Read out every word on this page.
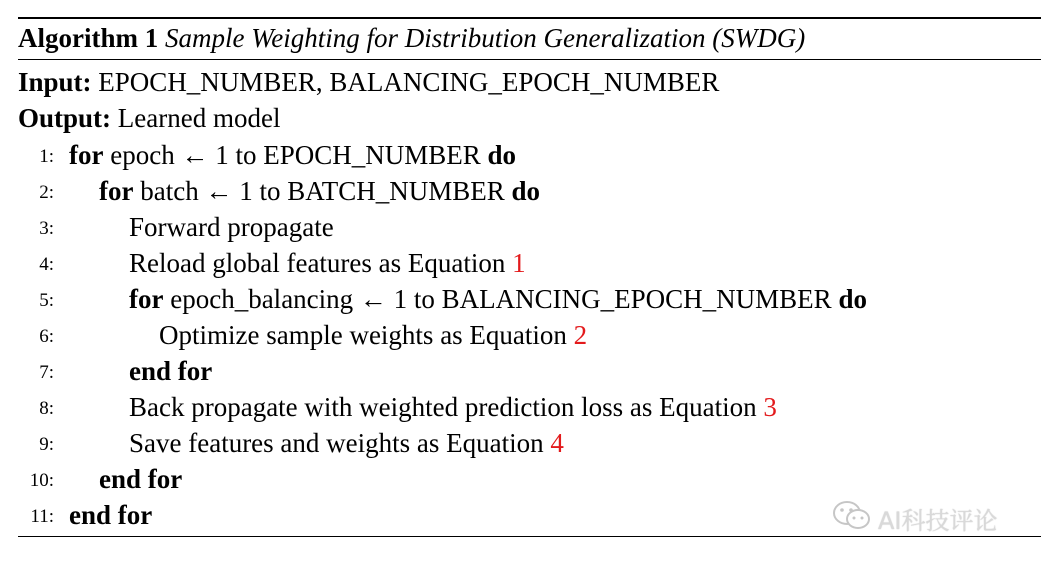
Algorithm 1 Sample Weighting for Distribution Generalization (SWDG)
Input: EPOCH_NUMBER, BALANCING_EPOCH_NUMBER
Output: Learned model
1: for epoch ← 1 to EPOCH_NUMBER do
2: for batch ← 1 to BATCH_NUMBER do
3:	Forward propagate
4:	Reload global features as Equation 1
5:	for epoch_balancing ← 1 to BALANCING_EPOCH_NUMBER do
6:	Optimize sample weights as Equation 2
7:	end for
8:	Back propagate with weighted prediction loss as Equation 3
9:	Save features and weights as Equation 4
10: end for
11: end for	AI科技评论
